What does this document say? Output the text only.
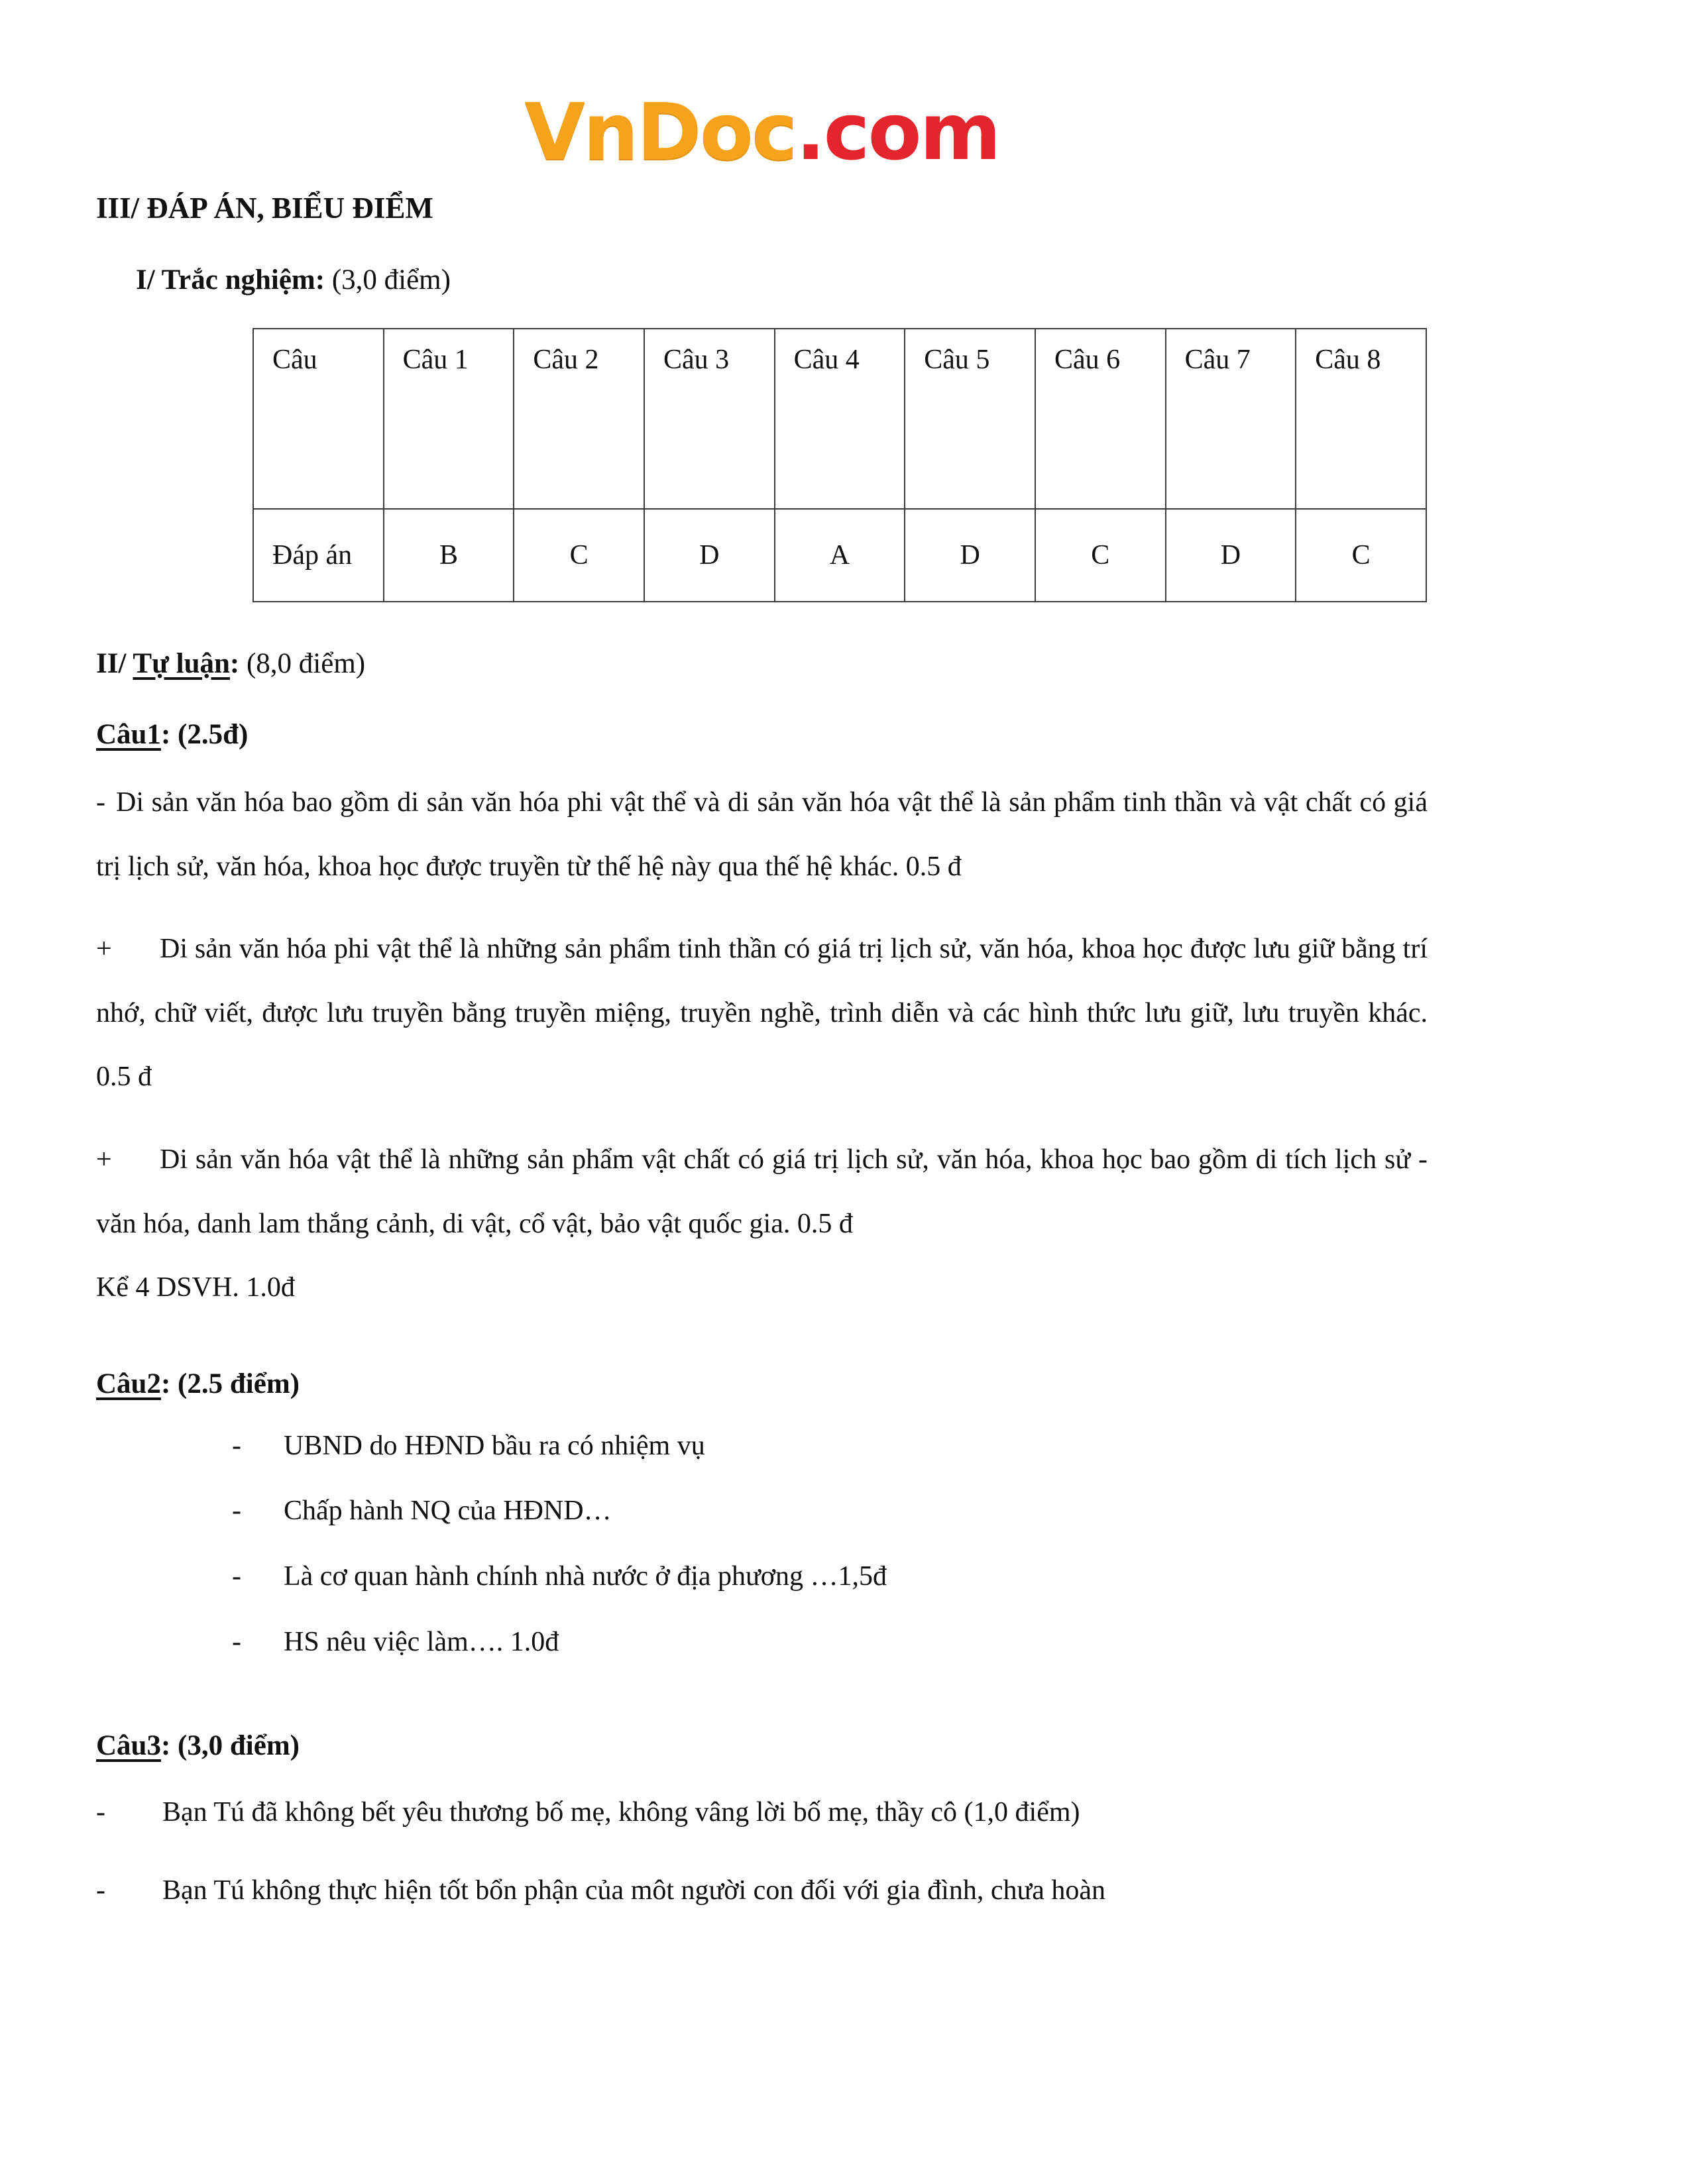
VnDoc.com
III/ ĐÁP ÁN, BIỂU ĐIỂM
I/ Trắc nghiệm: (3,0 điểm)
Câu	Câu 1	Câu 2	Câu 3	Câu 4	Câu 5	Câu 6	Câu 7	Câu 8
Đáp án	B	C	D	A	D	C	D	C
II/ Tự luận: (8,0 điểm)
Câu1: (2.5đ)

- Di sản văn hóa bao gồm di sản văn hóa phi vật thể và di sản văn hóa vật thể là sản phẩm tinh thần và vật chất có giá trị lịch sử, văn hóa, khoa học được truyền từ thế hệ này qua thế hệ khác. 0.5 đ

+ Di sản văn hóa phi vật thể là những sản phẩm tinh thần có giá trị lịch sử, văn hóa, khoa học được lưu giữ bằng trí nhớ, chữ viết, được lưu truyền bằng truyền miệng, truyền nghề, trình diễn và các hình thức lưu giữ, lưu truyền khác. 0.5 đ

+ Di sản văn hóa vật thể là những sản phẩm vật chất có giá trị lịch sử, văn hóa, khoa học bao gồm di tích lịch sử - văn hóa, danh lam thắng cảnh, di vật, cổ vật, bảo vật quốc gia. 0.5 đ

Kể 4 DSVH. 1.0đ

Câu2: (2.5 điểm)
-	UBND do HĐND bầu ra có nhiệm vụ
-	Chấp hành NQ của HĐND…
-	Là cơ quan hành chính nhà nước ở địa phương …1,5đ
-	HS nêu việc làm…. 1.0đ
Câu3: (3,0 điểm)
-	Bạn Tú đã không bết yêu thương bố mẹ, không vâng lời bố mẹ, thầy cô (1,0 điểm)
-	Bạn Tú không thực hiện tốt bổn phận của môt người con đối với gia đình, chưa hoàn
